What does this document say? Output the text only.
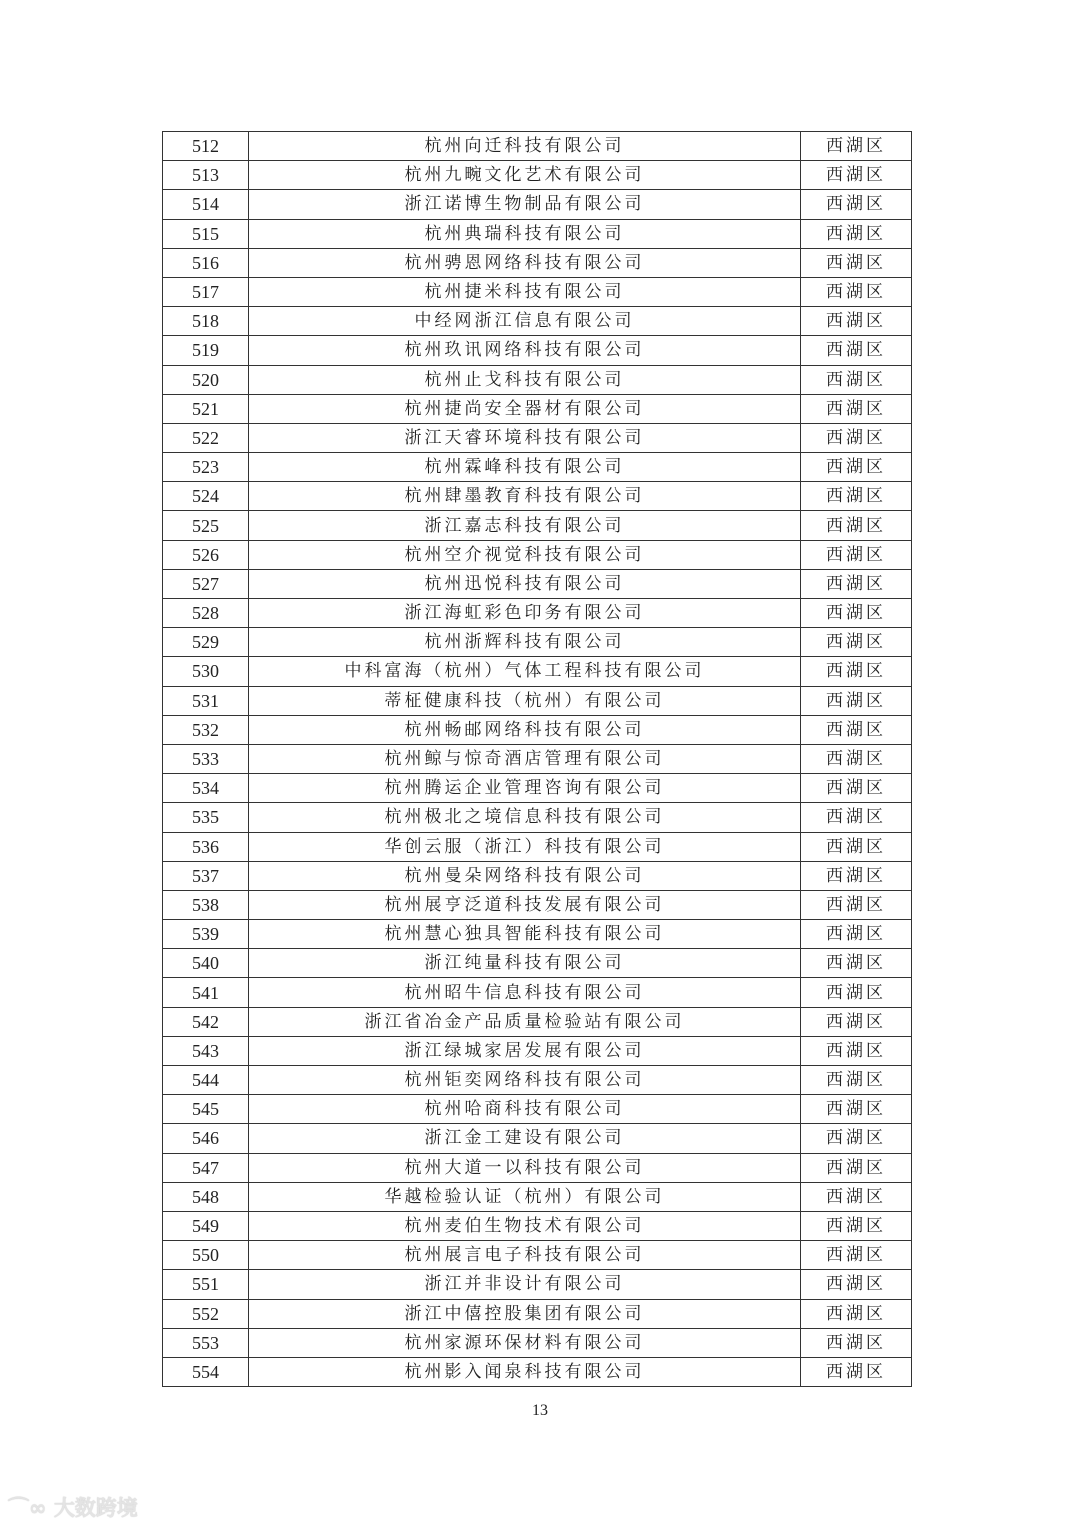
512	杭州向迁科技有限公司	西湖区
513	杭州九畹文化艺术有限公司	西湖区
514	浙江诺博生物制品有限公司	西湖区
515	杭州典瑞科技有限公司	西湖区
516	杭州骋恩网络科技有限公司	西湖区
517	杭州捷米科技有限公司	西湖区
518	中经网浙江信息有限公司	西湖区
519	杭州玖讯网络科技有限公司	西湖区
520	杭州止戈科技有限公司	西湖区
521	杭州捷尚安全器材有限公司	西湖区
522	浙江天睿环境科技有限公司	西湖区
523	杭州霖峰科技有限公司	西湖区
524	杭州肆墨教育科技有限公司	西湖区
525	浙江嘉志科技有限公司	西湖区
526	杭州空介视觉科技有限公司	西湖区
527	杭州迅悦科技有限公司	西湖区
528	浙江海虹彩色印务有限公司	西湖区
529	杭州浙辉科技有限公司	西湖区
530	中科富海（杭州）气体工程科技有限公司	西湖区
531	蒂柾健康科技（杭州）有限公司	西湖区
532	杭州畅邮网络科技有限公司	西湖区
533	杭州鲸与惊奇酒店管理有限公司	西湖区
534	杭州腾运企业管理咨询有限公司	西湖区
535	杭州极北之境信息科技有限公司	西湖区
536	华创云服（浙江）科技有限公司	西湖区
537	杭州曼朵网络科技有限公司	西湖区
538	杭州展亨泛道科技发展有限公司	西湖区
539	杭州慧心独具智能科技有限公司	西湖区
540	浙江纯量科技有限公司	西湖区
541	杭州昭牛信息科技有限公司	西湖区
542	浙江省冶金产品质量检验站有限公司	西湖区
543	浙江绿城家居发展有限公司	西湖区
544	杭州钜奕网络科技有限公司	西湖区
545	杭州哈商科技有限公司	西湖区
546	浙江金工建设有限公司	西湖区
547	杭州大道一以科技有限公司	西湖区
548	华越检验认证（杭州）有限公司	西湖区
549	杭州麦伯生物技术有限公司	西湖区
550	杭州展言电子科技有限公司	西湖区
551	浙江并非设计有限公司	西湖区
552	浙江中僖控股集团有限公司	西湖区
553	杭州家源环保材料有限公司	西湖区
554	杭州影入闻泉科技有限公司	西湖区
13
⌒∞ 大数跨境
